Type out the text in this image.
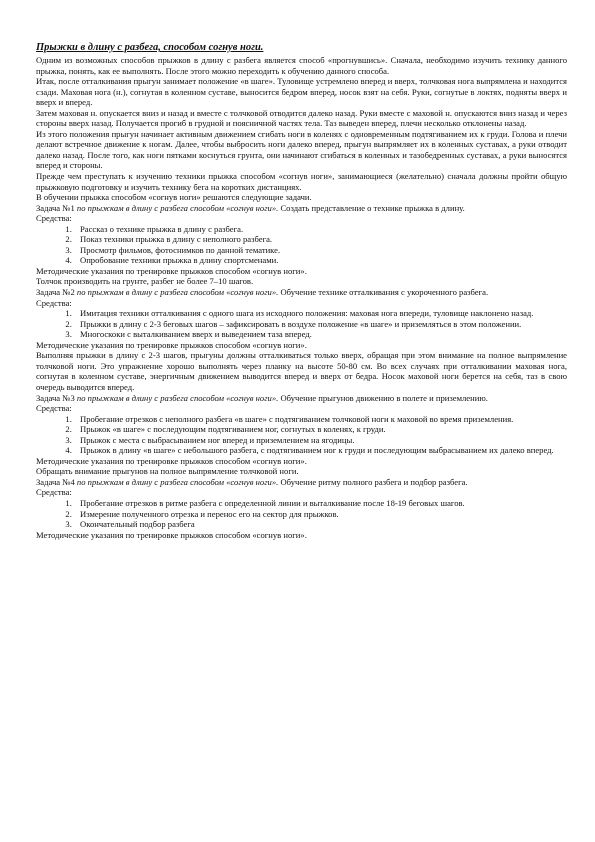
Прыжки в длину с разбега, способом согнув ноги.

Одним из возможных способов прыжков в длину с разбега является способ «прогнувшись». Сначала, необходимо изучить технику данного прыжка, понять, как ее выполнять. После этого можно переходить к обучению данного способа.

Итак, после отталкивания прыгун занимает положение «в шаге». Туловище устремлено вперед и вверх, толчковая нога выпрямлена и находится сзади. Маховая нога (н.), согнутая в коленном суставе, выносится бедром вперед, носок взят на себя. Руки, согнутые в локтях, подняты вверх и вверх и вперед.

Затем маховая н. опускается вниз и назад и вместе с толчковой отводится далеко назад. Руки вместе с маховой н. опускаются вниз назад и через стороны вверх назад. Получается прогиб в грудной и поясничной частях тела. Таз выведен вперед, плечи несколько отклонены назад.

Из этого положения прыгун начинает активным движением сгибать ноги в коленях с одновременным подтягиванием их к груди. Голова и плечи делают встречное движение к ногам. Далее, чтобы выбросить ноги далеко вперед, прыгун выпрямляет их в коленных суставах, а руки отводит далеко назад. После того, как ноги пятками коснуться грунта, они начинают сгибаться в коленных и тазобедренных суставах, а руки выносятся вперед и стороны.

Прежде чем преступать к изучению техники прыжка способом «согнув ноги», занимающиеся (желательно) сначала должны пройти общую прыжковую подготовку и изучить технику бега на коротких дистанциях.

В обучении прыжка способом «согнув ноги» решаются следующие задачи.

Задача №1 по прыжкам в длину с разбега способом «согнув ноги». Создать представление о технике прыжка в длину.

Средства:

1. Рассказ о технике прыжка в длину с разбега.
2. Показ техники прыжка в длину с неполного разбега.
3. Просмотр фильмов, фотоснимков по данной тематике.
4. Опробование техники прыжка в длину спортсменами.

Методические указания по тренировке прыжков способом «согнув ноги».

Толчок производить на грунте, разбег не более 7–10 шагов.

Задача №2 по прыжкам в длину с разбега способом «согнув ноги». Обучение технике отталкивания с укороченного разбега.

Средства:

1. Имитация техники отталкивания с одного шага из исходного положения: маховая нога впереди, туловище наклонено назад.
2. Прыжки в длину с 2-3 беговых шагов – зафиксировать в воздухе положение «в шаге» и приземляться в этом положении.
3. Многоскоки с выталкиванием вверх и выведением таза вперед.

Методические указания по тренировке прыжков способом «согнув ноги».

Выполняя прыжки в длину с 2-3 шагов, прыгуны должны отталкиваться только вверх, обращая при этом внимание на полное выпрямление толчковой ноги. Это упражнение хорошо выполнять через планку на высоте 50-80 см. Во всех случаях при отталкивании маховая нога, согнутая в коленном суставе, энергичным движением выводится вперед и вверх от бедра. Носок маховой ноги берется на себя, таз в свою очередь выводится вперед.

Задача №3 по прыжкам в длину с разбега способом «согнув ноги». Обучение прыгунов движению в полете и приземлению.

Средства:

1. Пробегание отрезков с неполного разбега «в шаге» с подтягиванием толчковой ноги к маховой во время приземления.
2. Прыжок «в шаге» с последующим подтягиванием ног, согнутых в коленях, к груди.
3. Прыжок с места с выбрасыванием ног вперед и приземлением на ягодицы.
4. Прыжок в длину «в шаге» с небольшого разбега, с подтягиванием ног к груди и последующим выбрасыванием их далеко вперед.

Методические указания по тренировке прыжков способом «согнув ноги».

Обращать внимание прыгунов на полное выпрямление толчковой ноги.

Задача №4 по прыжкам в длину с разбега способом «согнув ноги». Обучение ритму полного разбега и подбор разбега.

Средства:

1. Пробегание отрезков в ритме разбега с определенной линии и выталкивание после 18-19 беговых шагов.
2. Измерение полученного отрезка и перенос его на сектор для прыжков.
3. Окончательный подбор разбега

Методические указания по тренировке прыжков способом «согнув ноги».
